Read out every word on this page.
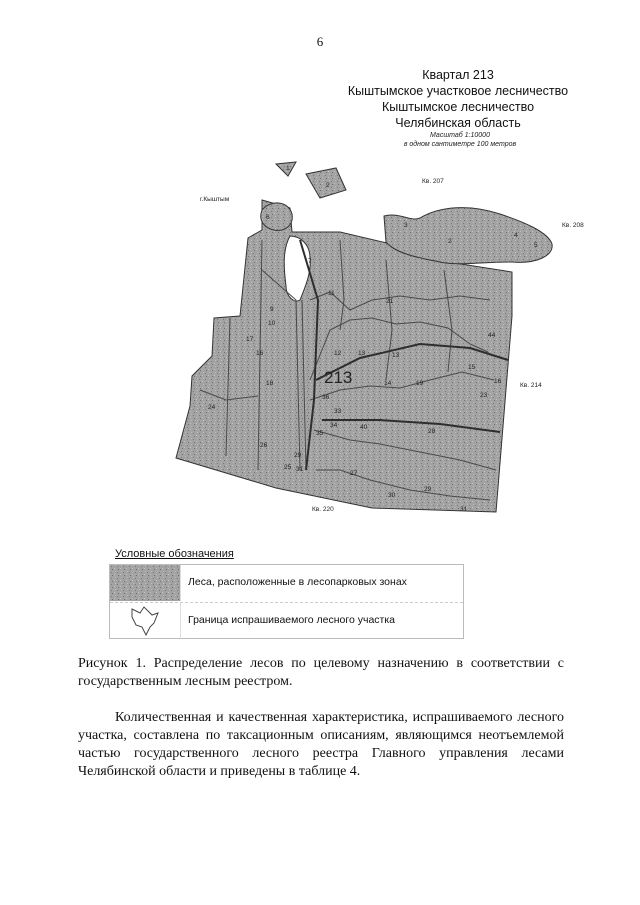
6
Квартал 213
Кыштымское участковое лесничество
Кыштымское лесничество
Челябинская область
Масштаб 1:10000
в одном сантиметре 100 метров
213
Кв. 207
Кв. 208
Кв. 214
Кв. 220
г.Кыштым
1
2
6
2
3
4
5
7
9
10
21
11
17
16	12	13	13
44
15
16
23
14	19
18
24
36
33
40
34
28
35
26
29
25 31
27
29
30
31
Условные обозначения
Леса, расположенные в лесопарковых зонах
Граница испрашиваемого лесного участка
Рисунок 1. Распределение лесов по целевому назначению в соответствии с государственным лесным реестром.
Количественная и качественная характеристика, испрашиваемого лесного участка, составлена по таксационным описаниям, являющимся неотъемлемой частью государственного лесного реестра Главного управления лесами Челябинской области и приведены в таблице 4.
